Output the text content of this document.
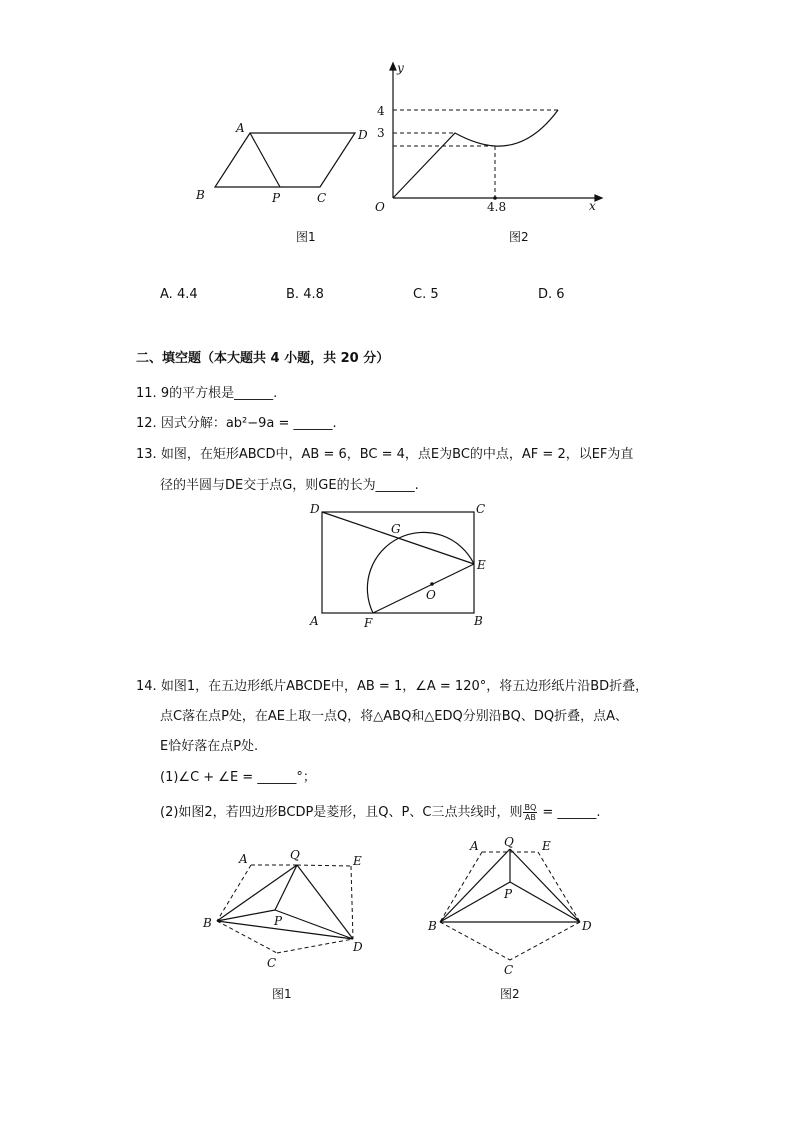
A	D
B	P	C
图1
y
x
O
4
3
4.8
图2
A. 4.4	B. 4.8	C. 5	D. 6
二、填空题（本大题共 4 小题，共 20 分）
11. 9的平方根是______.
12. 因式分解：ab²−9a = ______.
13. 如图，在矩形ABCD中，AB = 6，BC = 4，点E为BC的中点，AF = 2，以EF为直
径的半圆与DE交于点G，则GE的长为______.
D	C
G
E
O
A	F	B
14. 如图1，在五边形纸片ABCDE中，AB = 1，∠A = 120°，将五边形纸片沿BD折叠，
点C落在点P处，在AE上取一点Q，将△ABQ和△EDQ分别沿BQ、DQ折叠，点A、
E恰好落在点P处.
(1)∠C + ∠E = ______°；
(2)如图2，若四边形BCDP是菱形，且Q、P、C三点共线时，则 $\frac{BQ}{AB}$ = ______.
A	Q	E
B	P
D
C
图1
A Q E
P
B	D
C
图2
